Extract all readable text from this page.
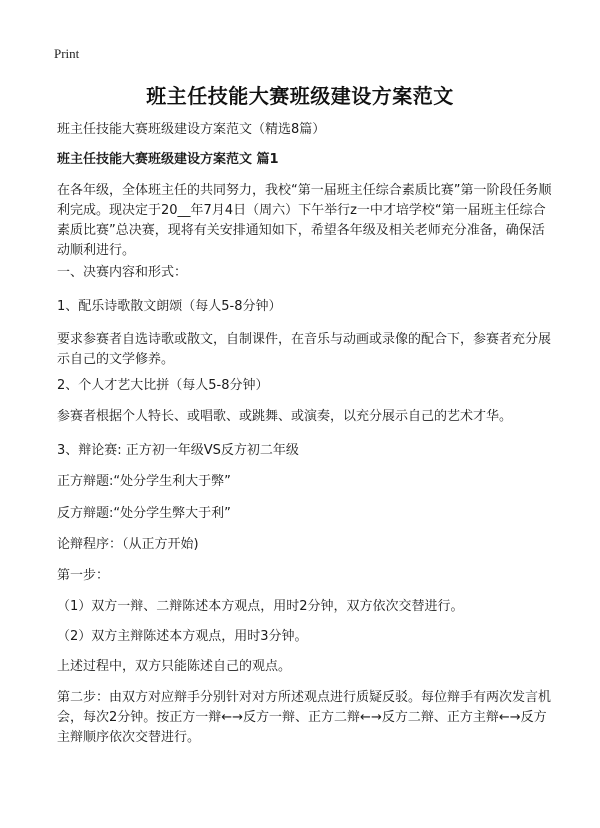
Print
班主任技能大赛班级建设方案范文
班主任技能大赛班级建设方案范文（精选8篇）
班主任技能大赛班级建设方案范文 篇1
在各年级，全体班主任的共同努力，我校“第一届班主任综合素质比赛”第一阶段任务顺利完成。现决定于20__年7月4日（周六）下午举行z一中才培学校“第一届班主任综合素质比赛”总决赛，现将有关安排通知如下，希望各年级及相关老师充分准备，确保活动顺利进行。
一、决赛内容和形式：
1、配乐诗歌散文朗颂（每人5-8分钟）
要求参赛者自选诗歌或散文，自制课件，在音乐与动画或录像的配合下，参赛者充分展示自己的文学修养。
2、个人才艺大比拼（每人5-8分钟）
参赛者根据个人特长、或唱歌、或跳舞、或演奏，以充分展示自己的艺术才华。
3、辩论赛: 正方初一年级VS反方初二年级
正方辩题:“处分学生利大于弊”
反方辩题:“处分学生弊大于利”
论辩程序：（从正方开始)
第一步：
（1）双方一辩、二辩陈述本方观点，用时2分钟，双方依次交替进行。
（2）双方主辩陈述本方观点，用时3分钟。
上述过程中，双方只能陈述自己的观点。
第二步：由双方对应辩手分别针对对方所述观点进行质疑反驳。每位辩手有两次发言机会，每次2分钟。按正方一辩←→反方一辩、正方二辩←→反方二辩、正方主辩←→反方主辩顺序依次交替进行。
